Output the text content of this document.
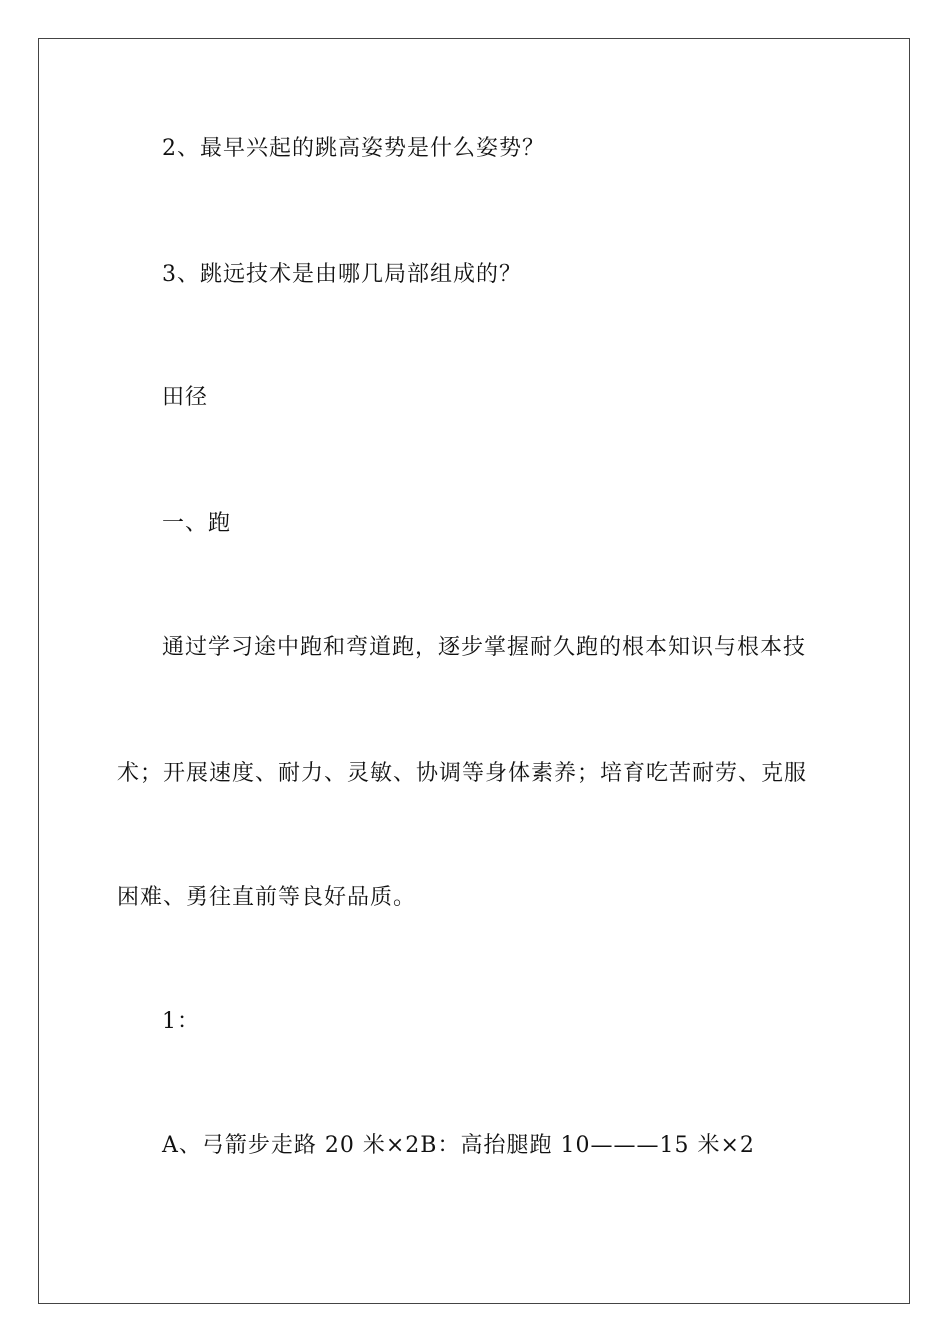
2、最早兴起的跳高姿势是什么姿势？
3、跳远技术是由哪几局部组成的？
田径
一、跑
通过学习途中跑和弯道跑，逐步掌握耐久跑的根本知识与根本技
术；开展速度、耐力、灵敏、协调等身体素养；培育吃苦耐劳、克服
困难、勇往直前等良好品质。
1：
A、弓箭步走路 20 米×2B：高抬腿跑 10———15 米×2
